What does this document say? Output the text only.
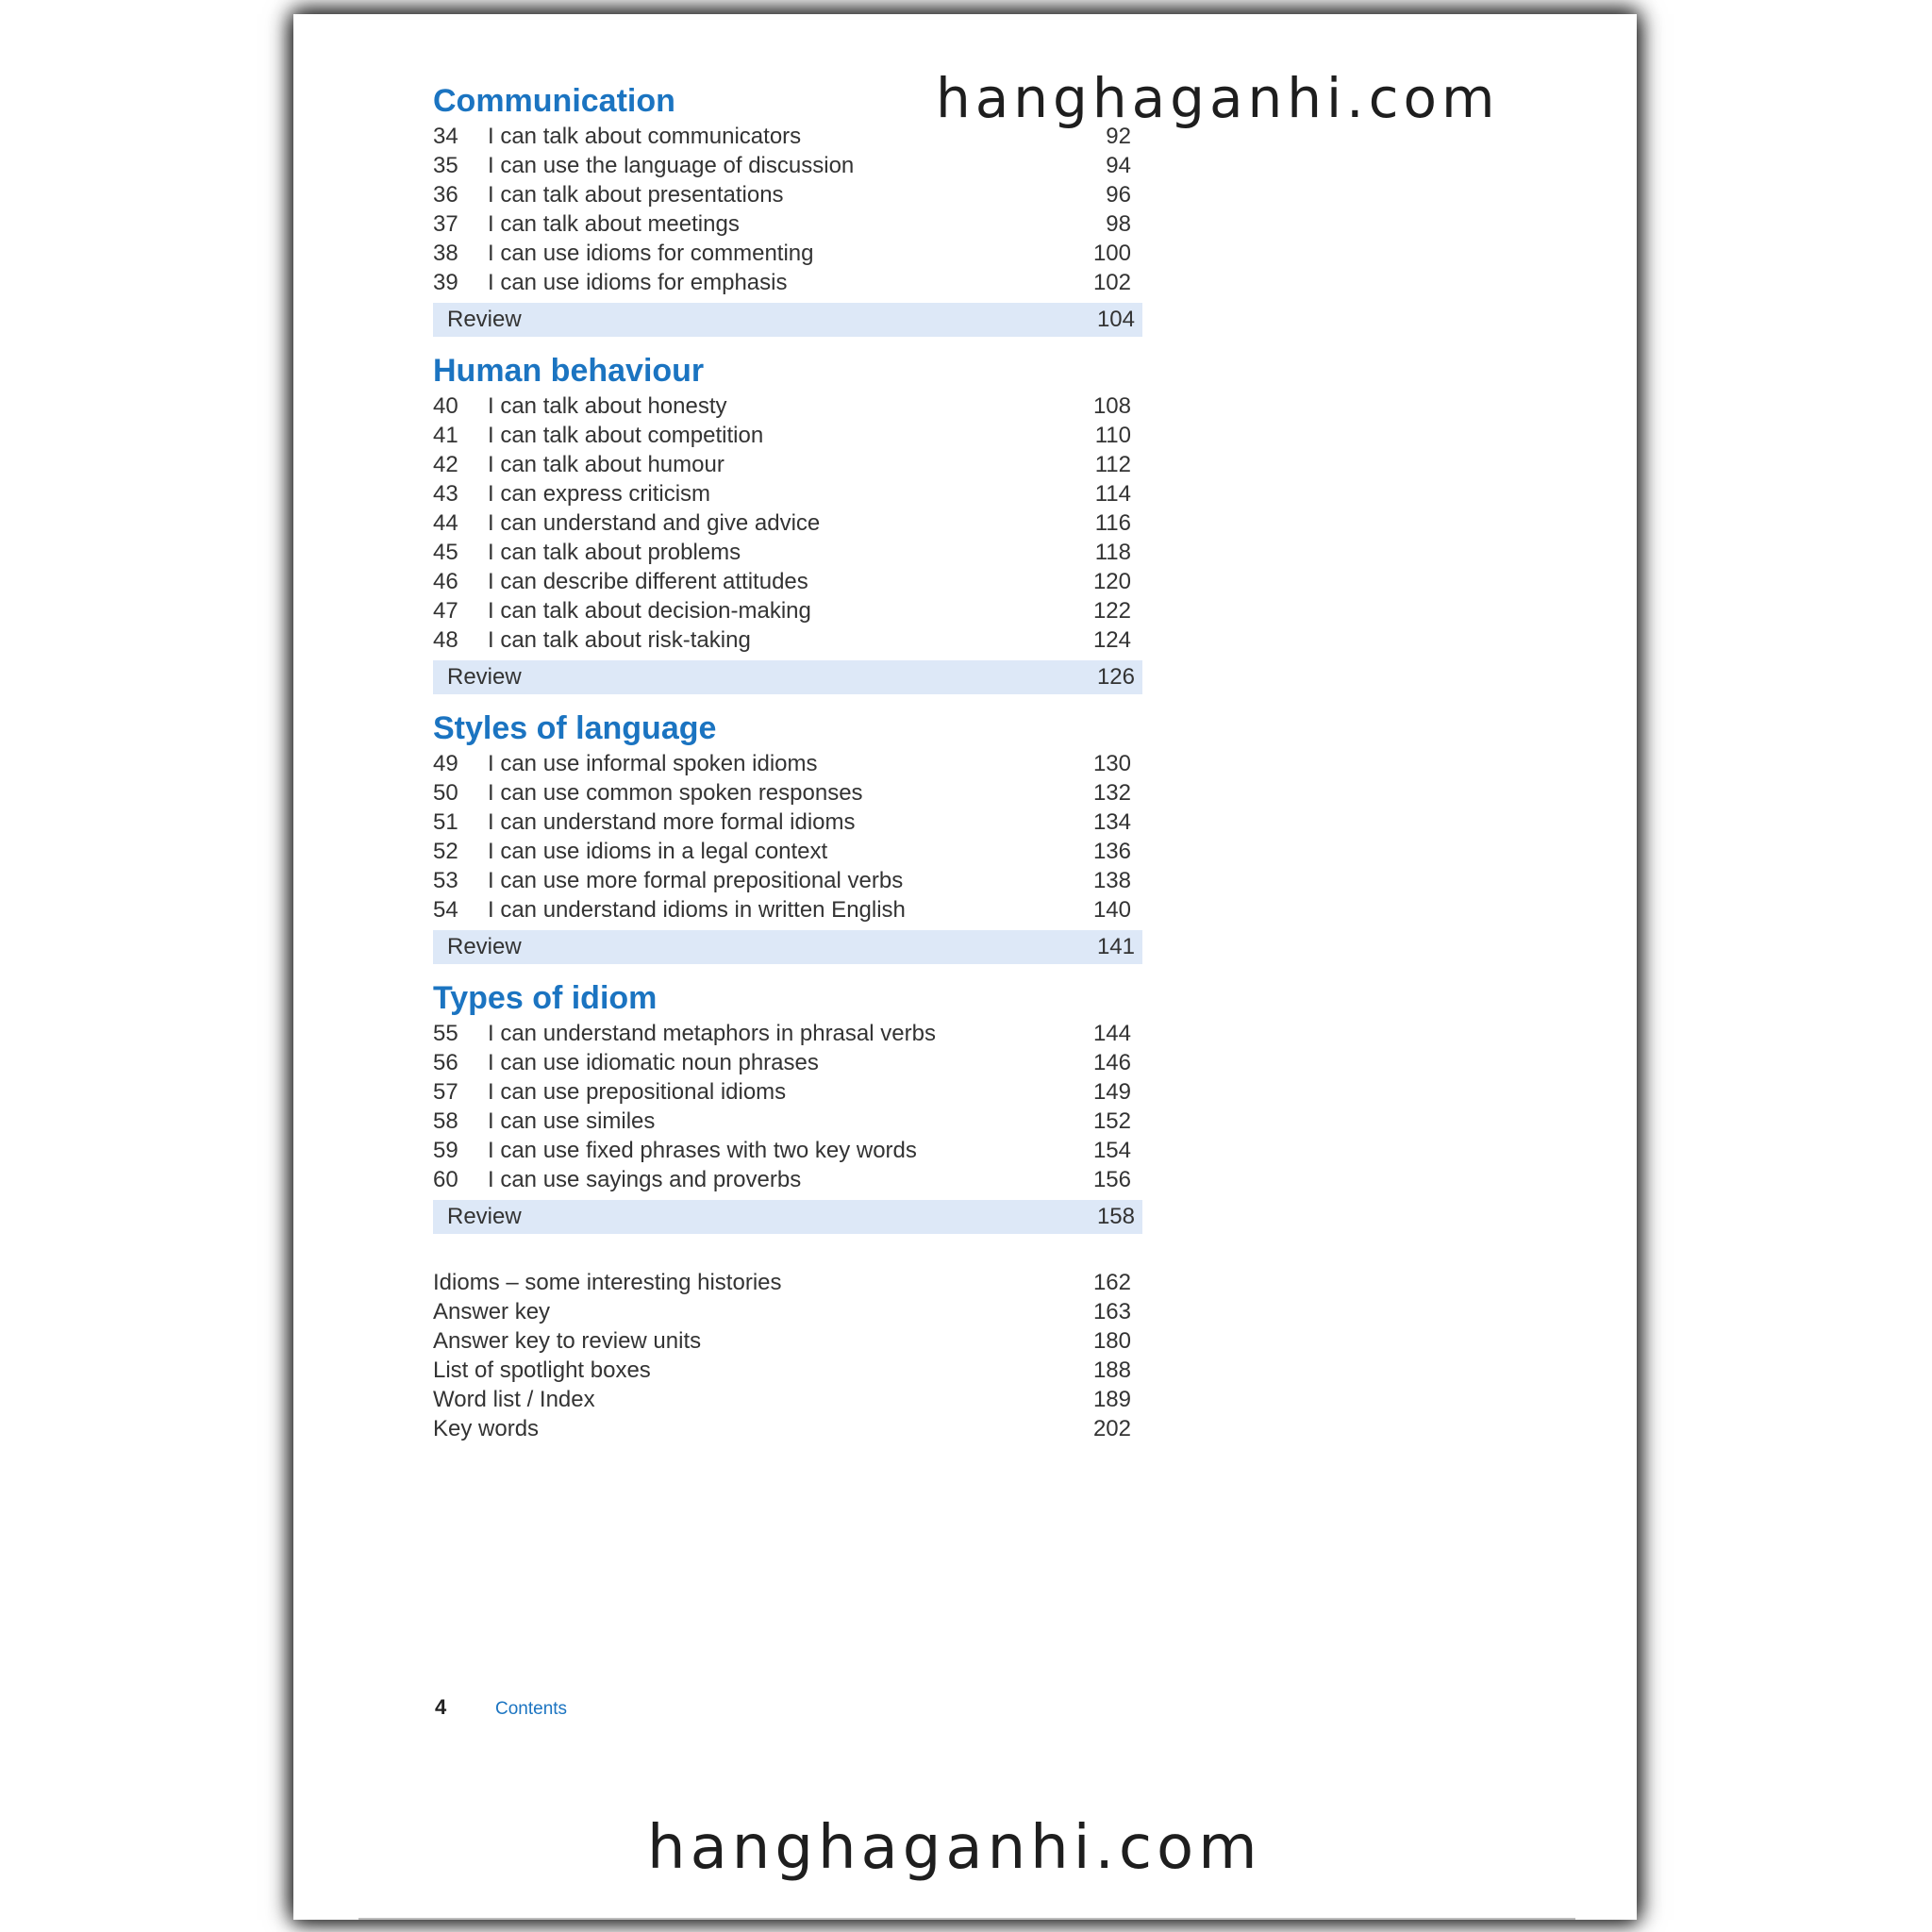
hanghaganhi.com
Communication
34	I can talk about communicators	92
35	I can use the language of discussion	94
36	I can talk about presentations	96
37	I can talk about meetings	98
38	I can use idioms for commenting	100
39	I can use idioms for emphasis	102
Review	104
Human behaviour
40	I can talk about honesty	108
41	I can talk about competition	110
42	I can talk about humour	112
43	I can express criticism	114
44	I can understand and give advice	116
45	I can talk about problems	118
46	I can describe different attitudes	120
47	I can talk about decision-making	122
48	I can talk about risk-taking	124
Review	126
Styles of language
49	I can use informal spoken idioms	130
50	I can use common spoken responses	132
51	I can understand more formal idioms	134
52	I can use idioms in a legal context	136
53	I can use more formal prepositional verbs	138
54	I can understand idioms in written English	140
Review	141
Types of idiom
55	I can understand metaphors in phrasal verbs	144
56	I can use idiomatic noun phrases	146
57	I can use prepositional idioms	149
58	I can use similes	152
59	I can use fixed phrases with two key words	154
60	I can use sayings and proverbs	156
Review	158
Idioms – some interesting histories	162
Answer key	163
Answer key to review units	180
List of spotlight boxes	188
Word list / Index	189
Key words	202
4	Contents
hanghaganhi.com
